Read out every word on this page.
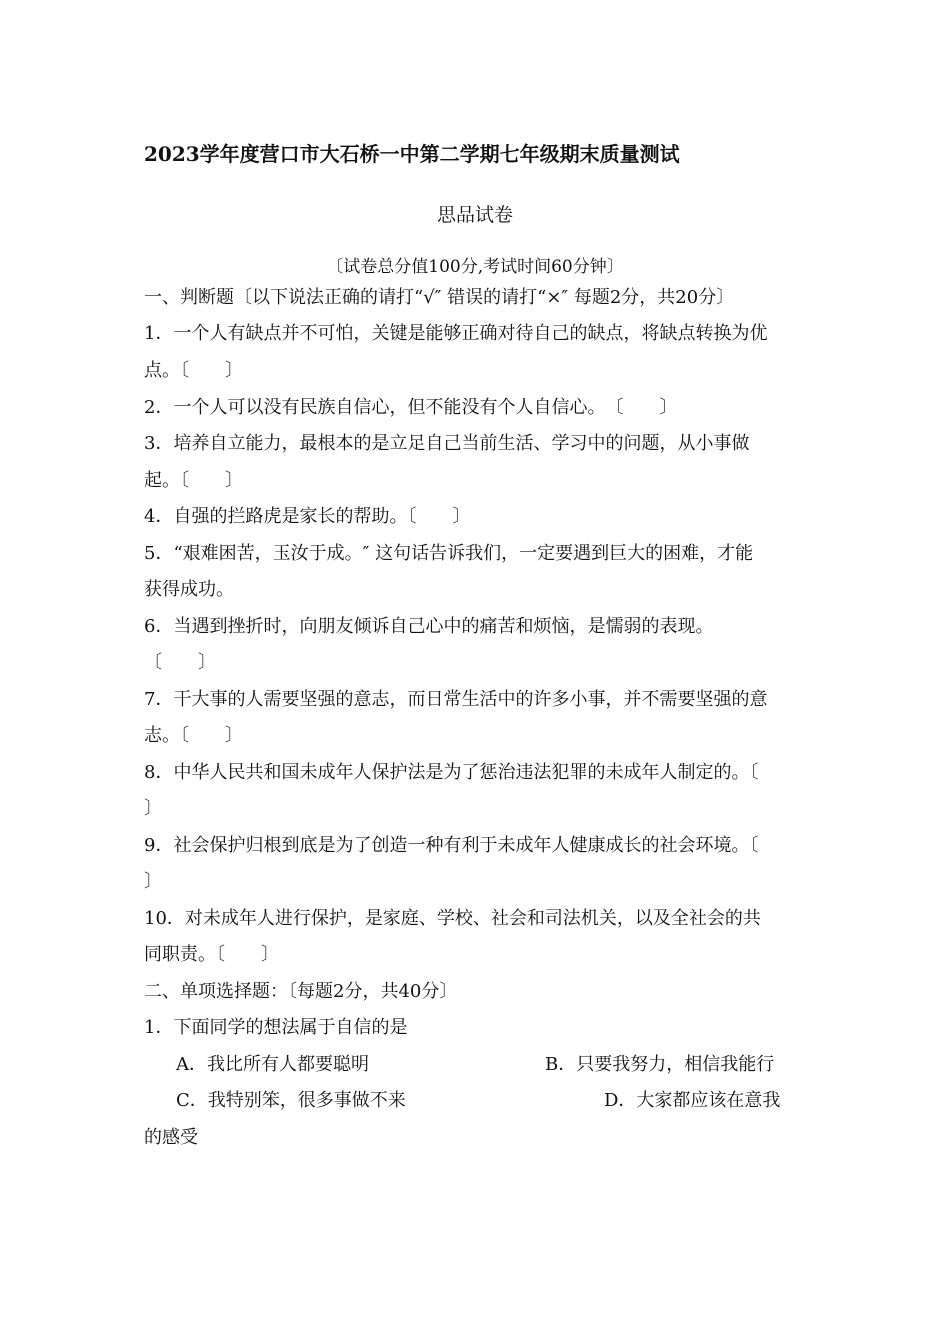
2023学年度营口市大石桥一中第二学期七年级期末质量测试
思品试卷
〔试卷总分值100分,考试时间60分钟〕
一、判断题〔以下说法正确的请打“√″ 错误的请打“×″ 每题2分，共20分〕
1．一个人有缺点并不可怕，关键是能够正确对待自己的缺点，将缺点转换为优
点。〔　　〕
2．一个人可以没有民族自信心，但不能没有个人自信心。　〔　　〕
3．培养自立能力，最根本的是立足自己当前生活、学习中的问题，从小事做
起。〔　　〕
4．自强的拦路虎是家长的帮助。〔　　〕
5．“艰难困苦，玉汝于成。″ 这句话告诉我们，一定要遇到巨大的困难，才能
获得成功。
6．当遇到挫折时，向朋友倾诉自己心中的痛苦和烦恼，是懦弱的表现。
〔　　〕
7．干大事的人需要坚强的意志，而日常生活中的许多小事，并不需要坚强的意
志。〔　　〕
8．中华人民共和国未成年人保护法是为了惩治违法犯罪的未成年人制定的。〔
〕
9．社会保护归根到底是为了创造一种有利于未成年人健康成长的社会环境。〔
〕
10．对未成年人进行保护，是家庭、学校、社会和司法机关，以及全社会的共
同职责。〔　　〕
二、单项选择题：〔每题2分，共40分〕
1．下面同学的想法属于自信的是
A．我比所有人都要聪明	B．只要我努力，相信我能行
C．我特别笨，很多事做不来	D．大家都应该在意我
的感受
